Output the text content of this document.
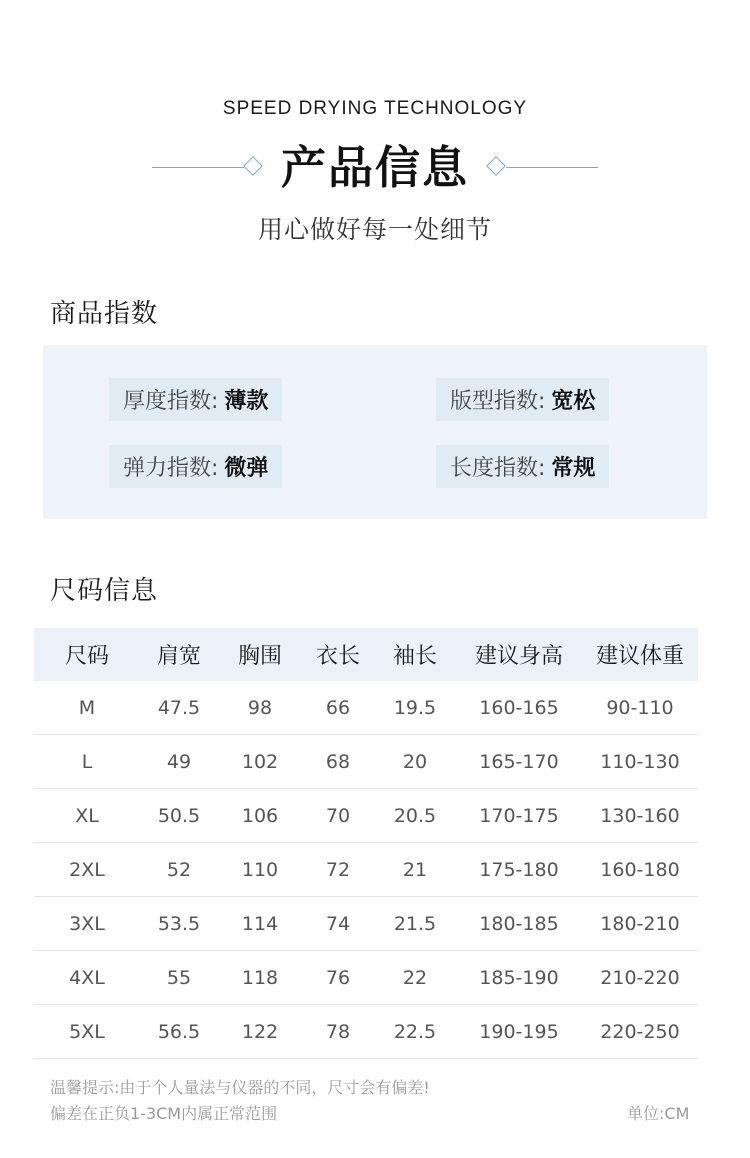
SPEED DRYING TECHNOLOGY
产品信息
用心做好每一处细节
商品指数
厚度指数: 薄款	版型指数: 宽松
弹力指数: 微弹	长度指数: 常规
尺码信息
尺码	肩宽	胸围	衣长	袖长	建议身高	建议体重
M	47.5	98	66	19.5	160-165	90-110
L	49	102	68	20	165-170	110-130
XL	50.5	106	70	20.5	170-175	130-160
2XL	52	110	72	21	175-180	160-180
3XL	53.5	114	74	21.5	180-185	180-210
4XL	55	118	76	22	185-190	210-220
5XL	56.5	122	78	22.5	190-195	220-250
温馨提示:由于个人量法与仪器的不同，尺寸会有偏差!
偏差在正负1-3CM内属正常范围	单位:CM
